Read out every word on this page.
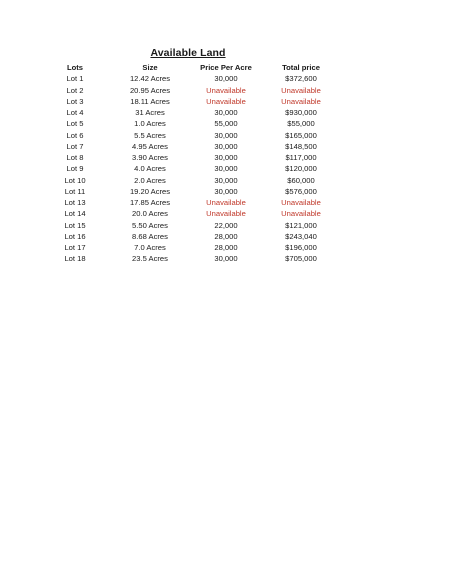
Available Land
Lots	Size	Price Per Acre	Total price
Lot 1	12.42 Acres	30,000	$372,600
Lot 2	20.95 Acres	Unavailable	Unavailable
Lot 3	18.11 Acres	Unavailable	Unavailable
Lot 4	31 Acres	30,000	$930,000
Lot 5	1.0 Acres	55,000	$55,000
Lot 6	5.5 Acres	30,000	$165,000
Lot 7	4.95 Acres	30,000	$148,500
Lot 8	3.90 Acres	30,000	$117,000
Lot 9	4.0 Acres	30,000	$120,000
Lot 10	2.0 Acres	30,000	$60,000
Lot 11	19.20 Acres	30,000	$576,000
Lot 13	17.85 Acres	Unavailable	Unavailable
Lot 14	20.0 Acres	Unavailable	Unavailable
Lot 15	5.50 Acres	22,000	$121,000
Lot 16	8.68 Acres	28,000	$243,040
Lot 17	7.0 Acres	28,000	$196,000
Lot 18	23.5 Acres	30,000	$705,000
